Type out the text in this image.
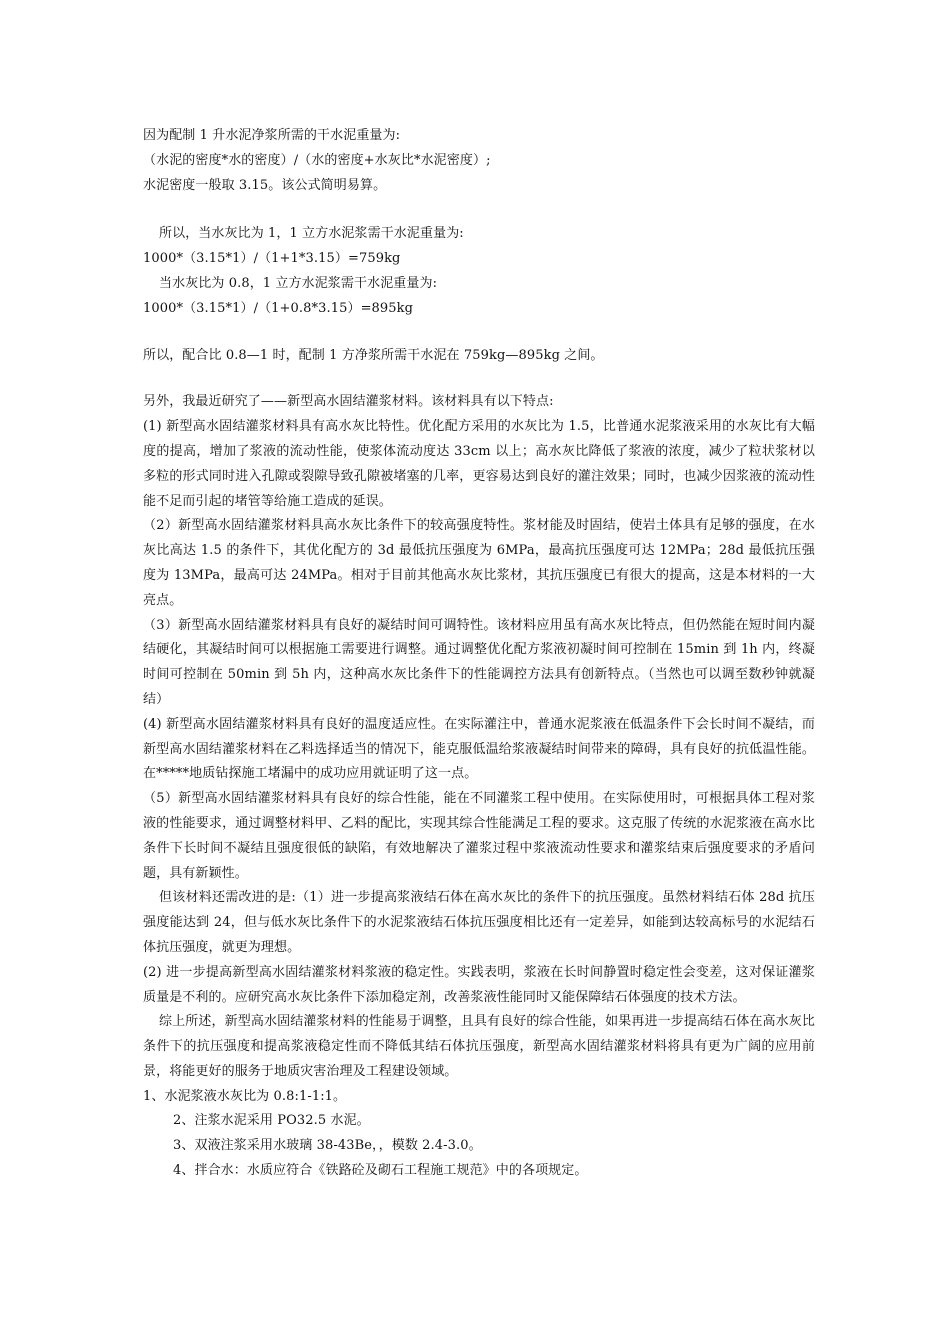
因为配制 1 升水泥净浆所需的干水泥重量为:

（水泥的密度*水的密度）/（水的密度+水灰比*水泥密度）;

水泥密度一般取 3.15。该公式简明易算。

所以，当水灰比为 1，1 立方水泥浆需干水泥重量为:

1000*（3.15*1）/（1+1*3.15）=759kg

当水灰比为 0.8，1 立方水泥浆需干水泥重量为:

1000*（3.15*1）/（1+0.8*3.15）=895kg

所以，配合比 0.8—1 时，配制 1 方净浆所需干水泥在 759kg—895kg 之间。

另外，我最近研究了——新型高水固结灌浆材料。该材料具有以下特点:

(1) 新型高水固结灌浆材料具有高水灰比特性。优化配方采用的水灰比为 1.5，比普通水泥浆液采用的水灰比有大幅度的提高，增加了浆液的流动性能，使浆体流动度达 33cm 以上；高水灰比降低了浆液的浓度，减少了粒状浆材以多粒的形式同时进入孔隙或裂隙导致孔隙被堵塞的几率，更容易达到良好的灌注效果；同时，也减少因浆液的流动性能不足而引起的堵管等给施工造成的延误。

（2）新型高水固结灌浆材料具高水灰比条件下的较高强度特性。浆材能及时固结，使岩土体具有足够的强度，在水灰比高达 1.5 的条件下，其优化配方的 3d 最低抗压强度为 6MPa，最高抗压强度可达 12MPa；28d 最低抗压强度为 13MPa，最高可达 24MPa。相对于目前其他高水灰比浆材，其抗压强度已有很大的提高，这是本材料的一大亮点。

（3）新型高水固结灌浆材料具有良好的凝结时间可调特性。该材料应用虽有高水灰比特点，但仍然能在短时间内凝结硬化，其凝结时间可以根据施工需要进行调整。通过调整优化配方浆液初凝时间可控制在 15min 到 1h 内，终凝时间可控制在 50min 到 5h 内，这种高水灰比条件下的性能调控方法具有创新特点。（当然也可以调至数秒钟就凝结）

(4) 新型高水固结灌浆材料具有良好的温度适应性。在实际灌注中，普通水泥浆液在低温条件下会长时间不凝结，而新型高水固结灌浆材料在乙料选择适当的情况下，能克服低温给浆液凝结时间带来的障碍，具有良好的抗低温性能。在*****地质钻探施工堵漏中的成功应用就证明了这一点。

（5）新型高水固结灌浆材料具有良好的综合性能，能在不同灌浆工程中使用。在实际使用时，可根据具体工程对浆液的性能要求，通过调整材料甲、乙料的配比，实现其综合性能满足工程的要求。这克服了传统的水泥浆液在高水比条件下长时间不凝结且强度很低的缺陷，有效地解决了灌浆过程中浆液流动性要求和灌浆结束后强度要求的矛盾问题，具有新颖性。

但该材料还需改进的是:（1）进一步提高浆液结石体在高水灰比的条件下的抗压强度。虽然材料结石体 28d 抗压强度能达到 24，但与低水灰比条件下的水泥浆液结石体抗压强度相比还有一定差异，如能到达较高标号的水泥结石体抗压强度，就更为理想。

(2) 进一步提高新型高水固结灌浆材料浆液的稳定性。实践表明，浆液在长时间静置时稳定性会变差，这对保证灌浆质量是不利的。应研究高水灰比条件下添加稳定剂，改善浆液性能同时又能保障结石体强度的技术方法。

综上所述，新型高水固结灌浆材料的性能易于调整，且具有良好的综合性能，如果再进一步提高结石体在高水灰比条件下的抗压强度和提高浆液稳定性而不降低其结石体抗压强度，新型高水固结灌浆材料将具有更为广阔的应用前景，将能更好的服务于地质灾害治理及工程建设领域。

1、水泥浆液水灰比为 0.8:1-1:1。

2、注浆水泥采用 PO32.5 水泥。

3、双液注浆采用水玻璃 38-43Be，，模数 2.4-3.0。

4、拌合水：水质应符合《铁路砼及砌石工程施工规范》中的各项规定。
